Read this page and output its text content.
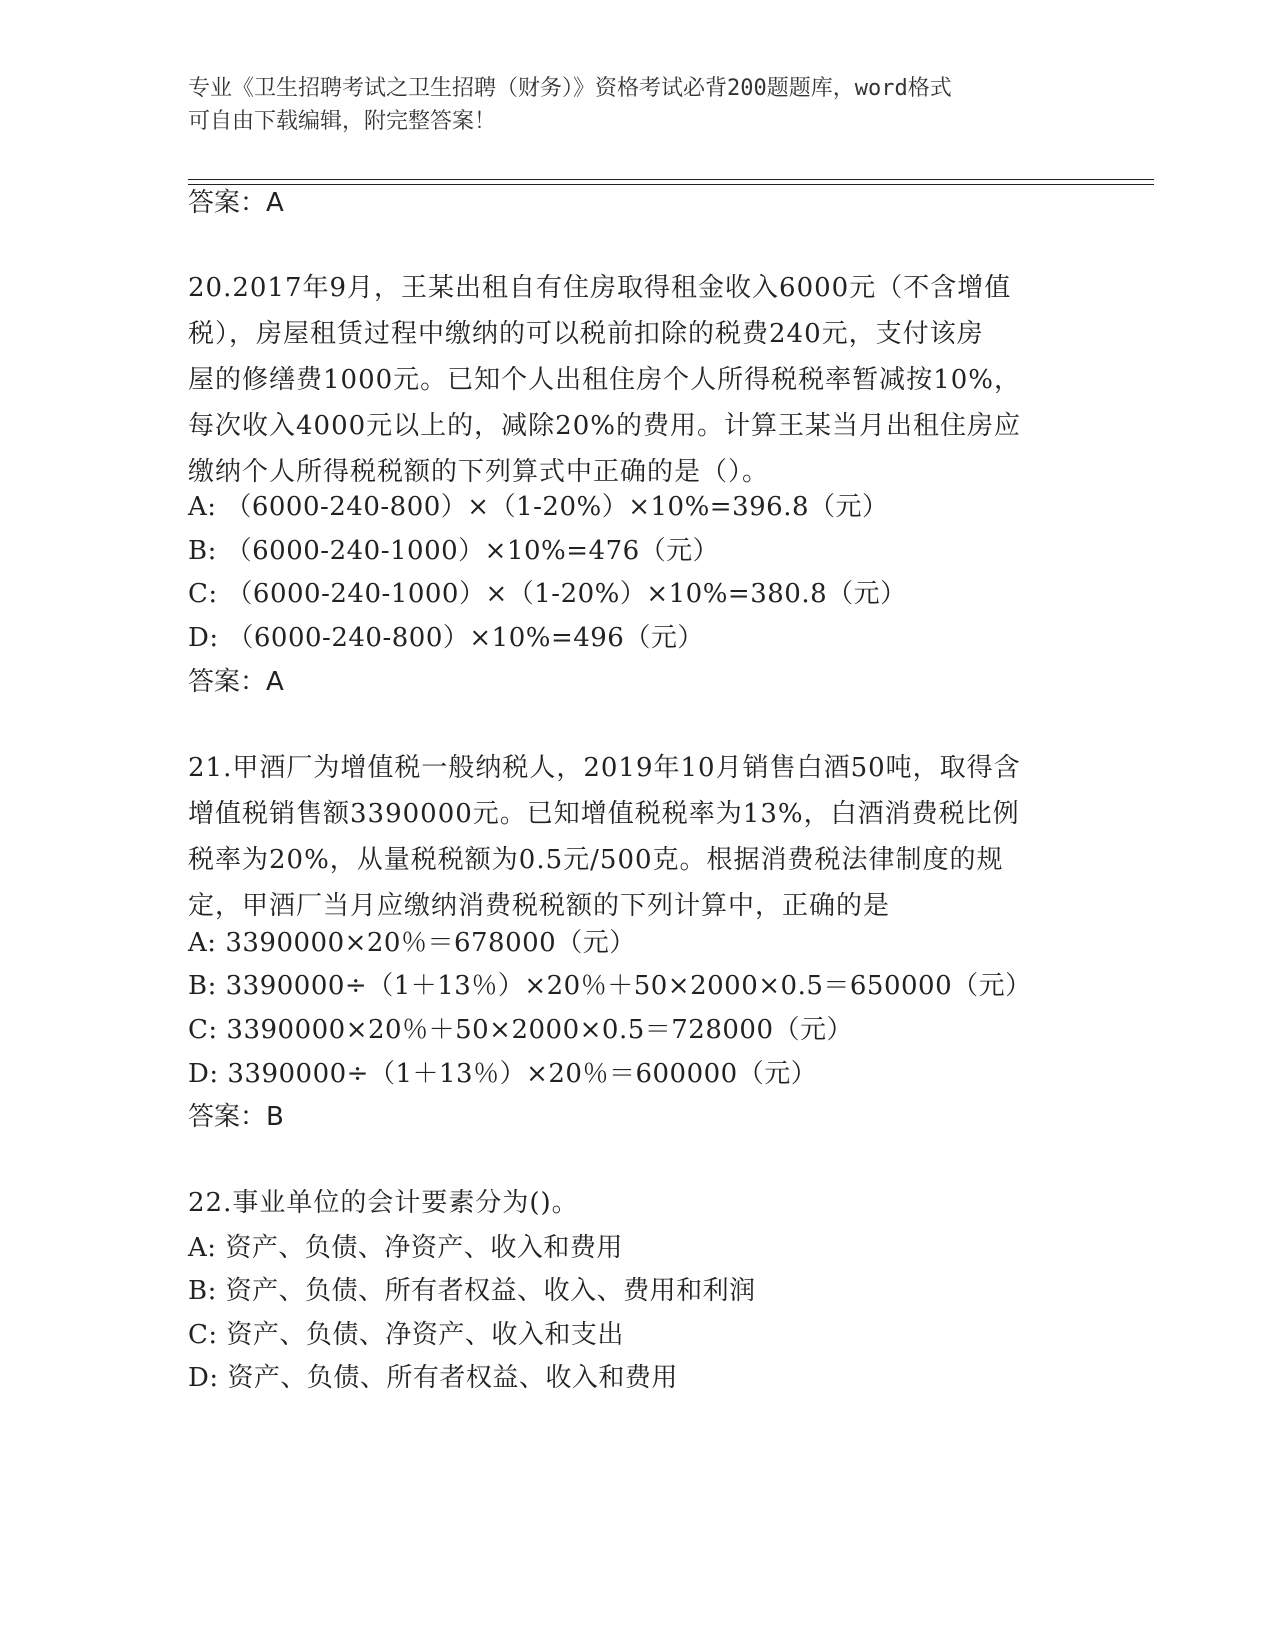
专业《卫生招聘考试之卫生招聘（财务）》资格考试必背200题题库，word格式
可自由下载编辑，附完整答案！
答案：A
20.2017年9月，王某出租自有住房取得租金收入6000元（不含增值
税），房屋租赁过程中缴纳的可以税前扣除的税费240元，支付该房
屋的修缮费1000元。已知个人出租住房个人所得税税率暂减按10%，
每次收入4000元以上的，减除20%的费用。计算王某当月出租住房应
缴纳个人所得税税额的下列算式中正确的是（）。
A: （6000-240-800）×（1-20%）×10%=396.8（元）
B: （6000-240-1000）×10%=476（元）
C: （6000-240-1000）×（1-20%）×10%=380.8（元）
D: （6000-240-800）×10%=496（元）
答案：A
21.甲酒厂为增值税一般纳税人，2019年10月销售白酒50吨，取得含
增值税销售额3390000元。已知增值税税率为13%，白酒消费税比例
税率为20%，从量税税额为0.5元/500克。根据消费税法律制度的规
定，甲酒厂当月应缴纳消费税税额的下列计算中，正确的是
A: 3390000×20％＝678000（元）
B: 3390000÷（1＋13％）×20％＋50×2000×0.5＝650000（元）
C: 3390000×20％＋50×2000×0.5＝728000（元）
D: 3390000÷（1＋13％）×20％＝600000（元）
答案：B
22.事业单位的会计要素分为()。
A: 资产、负债、净资产、收入和费用
B: 资产、负债、所有者权益、收入、费用和利润
C: 资产、负债、净资产、收入和支出
D: 资产、负债、所有者权益、收入和费用
